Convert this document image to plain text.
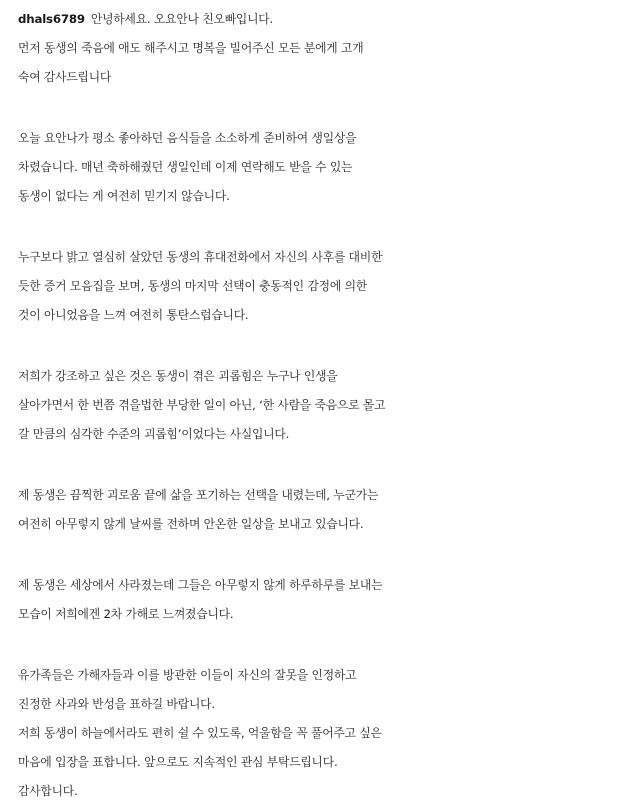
dhals6789 안녕하세요. 오요안나 친오빠입니다.
먼저 동생의 죽음에 애도 해주시고 명복을 빌어주신 모든 분에게 고개
숙여 감사드립니다
오늘 요안나가 평소 좋아하던 음식들을 소소하게 준비하여 생일상을
차렸습니다. 매년 축하해줬던 생일인데 이제 연락해도 받을 수 있는
동생이 없다는 게 여전히 믿기지 않습니다.
누구보다 밝고 열심히 살았던 동생의 휴대전화에서 자신의 사후를 대비한
듯한 증거 모음집을 보며, 동생의 마지막 선택이 충동적인 감정에 의한
것이 아니었음을 느껴 여전히 통탄스럽습니다.
저희가 강조하고 싶은 것은 동생이 겪은 괴롭힘은 누구나 인생을
살아가면서 한 번쯤 겪을법한 부당한 일이 아닌, ‘한 사람을 죽음으로 몰고
갈 만큼의 심각한 수준의 괴롭힘’이었다는 사실입니다.
제 동생은 끔찍한 괴로움 끝에 삶을 포기하는 선택을 내렸는데, 누군가는
여전히 아무렇지 않게 날씨를 전하며 안온한 일상을 보내고 있습니다.
제 동생은 세상에서 사라졌는데 그들은 아무렇지 않게 하루하루를 보내는
모습이 저희에겐 2차 가해로 느껴졌습니다.
유가족들은 가해자들과 이를 방관한 이들이 자신의 잘못을 인정하고
진정한 사과와 반성을 표하길 바랍니다.
저희 동생이 하늘에서라도 편히 쉴 수 있도록, 억울함을 꼭 풀어주고 싶은
마음에 입장을 표합니다. 앞으로도 지속적인 관심 부탁드립니다.
감사합니다.
